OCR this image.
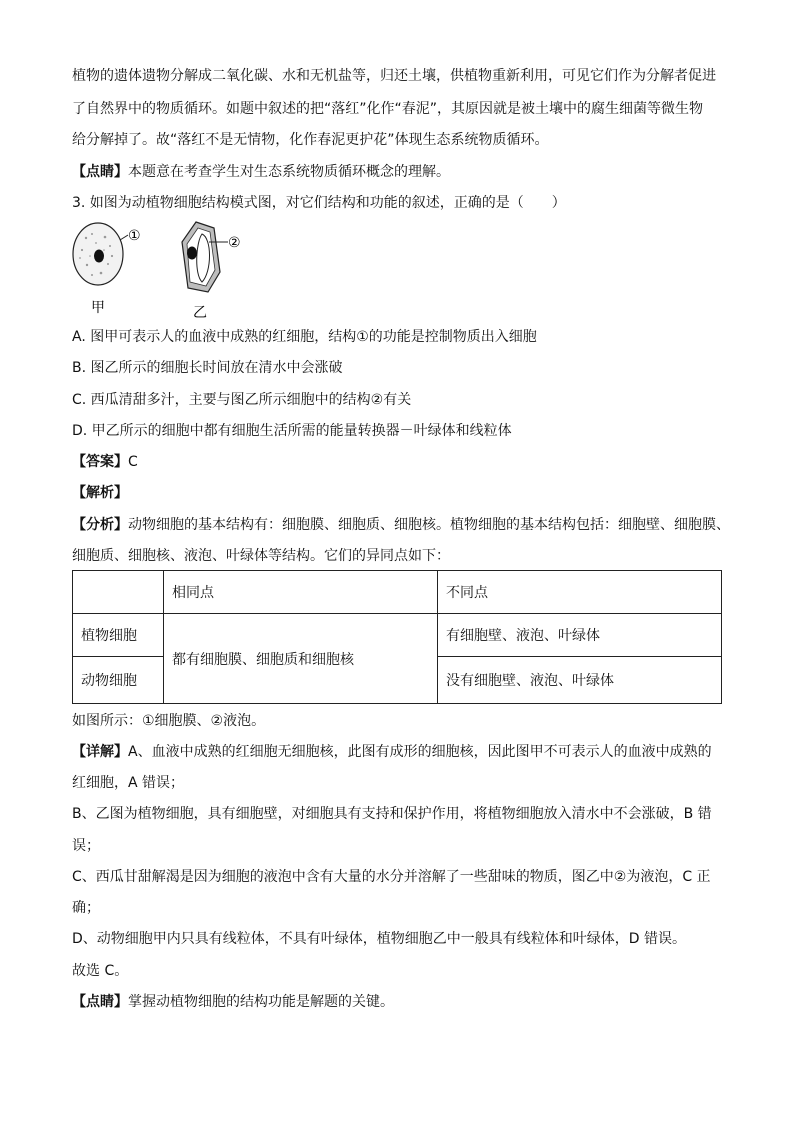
植物的遗体遗物分解成二氧化碳、水和无机盐等，归还土壤，供植物重新利用，可见它们作为分解者促进
了自然界中的物质循环。如题中叙述的把“落红”化作“春泥”，其原因就是被土壤中的腐生细菌等微生物
给分解掉了。故“落红不是无情物，化作春泥更护花”体现生态系统物质循环。
【点睛】本题意在考查学生对生态系统物质循环概念的理解。
3. 如图为动植物细胞结构模式图，对它们结构和功能的叙述，正确的是（　　）
①
甲
②
乙
A. 图甲可表示人的血液中成熟的红细胞，结构①的功能是控制物质出入细胞
B. 图乙所示的细胞长时间放在清水中会涨破
C. 西瓜清甜多汁，主要与图乙所示细胞中的结构②有关
D. 甲乙所示的细胞中都有细胞生活所需的能量转换器－叶绿体和线粒体
【答案】C
【解析】
【分析】动物细胞的基本结构有：细胞膜、细胞质、细胞核。植物细胞的基本结构包括：细胞壁、细胞膜、
细胞质、细胞核、液泡、叶绿体等结构。它们的异同点如下：
	相同点	不同点
植物细胞	都有细胞膜、细胞质和细胞核	有细胞壁、液泡、叶绿体
动物细胞		没有细胞壁、液泡、叶绿体
如图所示：①细胞膜、②液泡。
【详解】A、血液中成熟的红细胞无细胞核，此图有成形的细胞核，因此图甲不可表示人的血液中成熟的
红细胞，A 错误；
B、乙图为植物细胞，具有细胞壁，对细胞具有支持和保护作用，将植物细胞放入清水中不会涨破，B 错
误；
C、西瓜甘甜解渴是因为细胞的液泡中含有大量的水分并溶解了一些甜味的物质，图乙中②为液泡，C 正
确；
D、动物细胞甲内只具有线粒体，不具有叶绿体，植物细胞乙中一般具有线粒体和叶绿体，D 错误。
故选 C。
【点睛】掌握动植物细胞的结构功能是解题的关键。
